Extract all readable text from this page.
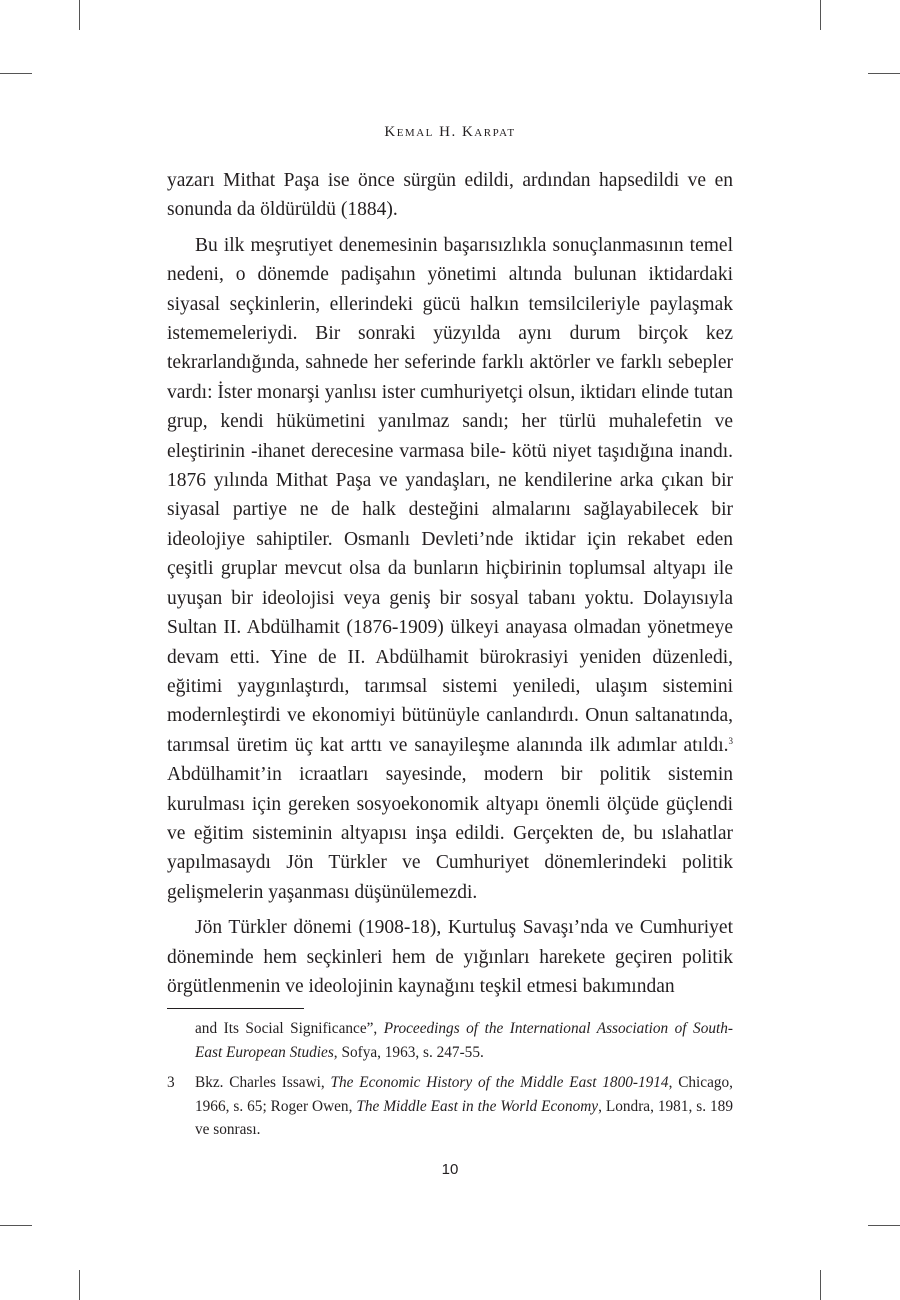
Kemal H. Karpat

yazarı Mithat Paşa ise önce sürgün edildi, ardından hapsedildi ve en sonunda da öldürüldü (1884).

Bu ilk meşrutiyet denemesinin başarısızlıkla sonuçlanmasının temel nedeni, o dönemde padişahın yönetimi altında bulunan iktidardaki siyasal seçkinlerin, ellerindeki gücü halkın temsilcileriyle paylaşmak istememeleriydi. Bir sonraki yüzyılda aynı durum birçok kez tekrarlandığında, sahnede her seferinde farklı aktörler ve farklı sebepler vardı: İster monarşi yanlısı ister cumhuriyetçi olsun, iktidarı elinde tutan grup, kendi hükümetini yanılmaz sandı; her türlü muhalefetin ve eleştirinin -ihanet derecesine varmasa bile- kötü niyet taşıdığına inandı. 1876 yılında Mithat Paşa ve yandaşları, ne kendilerine arka çıkan bir siyasal partiye ne de halk desteğini almalarını sağlayabilecek bir ideolojiye sahiptiler. Osmanlı Devleti’nde iktidar için rekabet eden çeşitli gruplar mevcut olsa da bunların hiçbirinin toplumsal altyapı ile uyuşan bir ideolojisi veya geniş bir sosyal tabanı yoktu. Dolayısıyla Sultan II. Abdülhamit (1876-1909) ülkeyi anayasa olmadan yönetmeye devam etti. Yine de II. Abdülhamit bürokrasiyi yeniden düzenledi, eğitimi yaygınlaştırdı, tarımsal sistemi yeniledi, ulaşım sistemini modernleştirdi ve ekonomiyi bütünüyle canlandırdı. Onun saltanatında, tarımsal üretim üç kat arttı ve sanayileşme alanında ilk adımlar atıldı.$^3$ Abdülhamit’in icraatları sayesinde, modern bir politik sistemin kurulması için gereken sosyoekonomik altyapı önemli ölçüde güçlendi ve eğitim sisteminin altyapısı inşa edildi. Gerçekten de, bu ıslahatlar yapılmasaydı Jön Türkler ve Cumhuriyet dönemlerindeki politik gelişmelerin yaşanması düşünülemezdi.

Jön Türkler dönemi (1908-18), Kurtuluş Savaşı’nda ve Cumhuriyet döneminde hem seçkinleri hem de yığınları harekete geçiren politik örgütlenmenin ve ideolojinin kaynağını teşkil etmesi bakımından

and Its Social Significance”, Proceedings of the International Association of South-East European Studies, Sofya, 1963, s. 247-55.
3 Bkz. Charles Issawi, The Economic History of the Middle East 1800-1914, Chicago, 1966, s. 65; Roger Owen, The Middle East in the World Economy, Londra, 1981, s. 189 ve sonrası.
10
